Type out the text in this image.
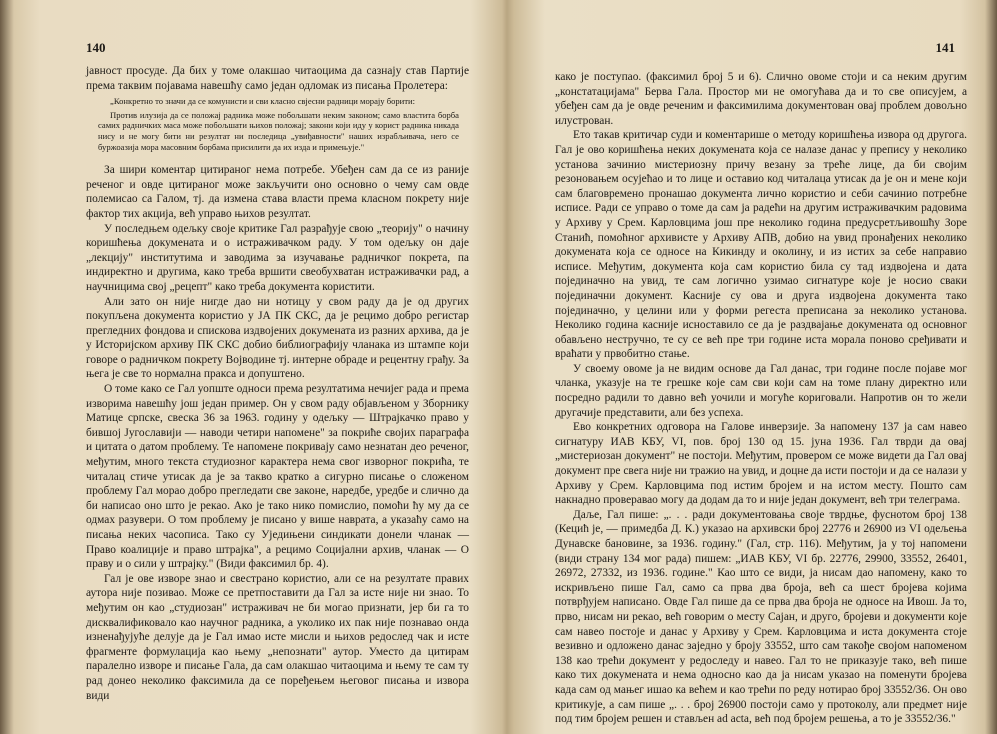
140

јавност просуде. Да бих у томе олакшао читаоцима да сазнају став Партије према таквим појавама навешћу само један одломак из писања Пролетера:

„Конкретно то значи да се комунисти и сви класно свјесни радници морају борити:

Против илузија да се положај радника може побољшати неким законом; само властита борба самих радничких маса може побољшати њихов положај; закони који иду у корист радника никада нису и не могу бити ни резултат ни последица „увиђавности" наших израбљивача, него се буржоазија мора масовним борбама присилити да их изда и примењује."

За шири коментар цитираног нема потребе. Убеђен сам да се из раније реченог и овде цитираног може закључити оно основно о чему сам овде полемисао са Галом, тј. да измена става власти према класном покрету није фактор тих акција, већ управо њихов резултат.

У последњем одељку своје критике Гал разрађује свою „теорију" о начину коришћења докумената и о истраживачком раду. У том одељку он даје „лекцију" институтима и заводима за изучавање радничког покрета, па индиректно и другима, како треба вршити свеобухватан истраживачки рад, а научницима свој „рецепт" како треба документа користити.

Али зато он није нигде дао ни нотицу у свом раду да је од других покупљена документа користио у ЈА ПК СКС, да је рецимо добро регистар прегледних фондова и спискова издвојених докумената из разних архива, да је у Историјском архиву ПК СКС добио библиографију чланака из штампе који говоре о радничком покрету Војводине тј. интерне обраде и рецентну грађу. За њега је све то нормална пракса и допуштено.

О томе како се Гал уопште односи према резултатима нечијег рада и према изворима навешћу још један пример. Он у свом раду објављеном у Зборнику Матице српске, свеска 36 за 1963. годину у одељку — Штрајкачко право у бившој Југославији — наводи четири напомене" за покриће својих параграфа и цитата о датом проблему. Те напомене покривају само незнатан део реченог, међутим, много текста студиозног карактера нема свог изворног покрића, те читалац стиче утисак да је за такво кратко а сигурно писање о сложеном проблему Гал морао добро прегледати све законе, наредбе, уредбе и слично да би написао оно што је рекао. Ако је тако нико помислио, помоћи ћу му да се одмах разувери. О том проблему је писано у више наврата, а указаћу само на писања неких часописа. Тако су Уједињени синдикати донели чланак — Право коалиције и право штрајка", а рецимо Социјални архив, чланак — О праву и о сили у штрајку." (Види факсимил бр. 4).

Гал је ове изворе знао и свестрано користио, али се на резултате правих аутора није позивао. Може се претпоставити да Гал за исте није ни знао. То међутим он као „студиозан" истраживач не би могао признати, јер би га то дисквалификовало као научног радника, а уколико их пак није познавао онда изненађујуће делује да је Гал имао исте мисли и њихов редослед чак и исте фрагменте формулација као њему „непознати" аутор. Уместо да цитирам паралелно изворе и писање Гала, да сам олакшао читаоцима и њему те сам ту рад донео неколико факсимила да се поређењем његовог писања и извора види

141

како је поступао. (факсимил број 5 и 6). Слично овоме стоји и са неким другим „констатацијама" Берва Гала. Простор ми не омогућава да и то све описујем, а убеђен сам да је овде реченим и факсимилима документован овај проблем довољно илустрован.

Ето такав критичар суди и коментарише о методу коришћења извора од другога. Гал је ово коришћења неких докумената која се налазе данас у препису у неколико установа зачинио мистериозну причу везану за треће лице, да би својим резоновањем осујећао и то лице и оставио код читалаца утисак да је он и мене који сам благовремено пронашао документа лично користио и себи сачинио потребне исписе. Ради се управо о томе да сам ја радећи на другим истраживачким радовима у Архиву у Срем. Карловцима још пре неколико година предусретљивошћу Зоре Станић, помоћног архивисте у Архиву АПВ, добио на увид пронађених неколико докумената која се односе на Кикинду и околину, и из истих за себе направио исписе. Међутим, документа која сам користио била су тад издвојена и дата појединачно на увид, те сам логично узимао сигнатуре које је носио сваки појединачни документ. Касније су ова и друга издвојена документа тако појединачно, у целини или у форми регеста преписана за неколико установа. Неколико година касније исноставило се да је раздвајање докумената од основног обављено нестручно, те су се већ пре три године иста морала поново сређивати и враћати у првобитно стање.

У своему овоме ја не видим основе да Гал данас, три године после појаве мог чланка, указује на те грешке које сам сви који сам на томе плану директно или посредно радили то давно већ уочили и могуће кориговали. Напротив он то жели другачије представити, али без успеха.

Ево конкретних одговора на Галове инверзије. За напомену 137 ја сам навео сигнатуру ИАВ КБУ, VI, пов. број 130 од 15. јуна 1936. Гал тврди да овај „мистериозан документ" не постоји. Међутим, провером се може видети да Гал овај документ пре свега није ни тражио на увид, и доцне да исти постоји и да се налази у Архиву у Срем. Карловцима под истим бројем и на истом месту. Пошто сам накнадно проверавао могу да додам да то и није један документ, већ три телеграма.

Даље, Гал пише: „. . . ради документовања своје тврдње, фуснотом број 138 (Кецић је, — примедба Д. К.) указао на архивски број 22776 и 26900 из VI одељења Дунавске бановине, за 1936. годину." (Гал, стр. 116). Међутим, ја у тој напомени (види страну 134 мог рада) пишем: „ИАВ КБУ, VI бр. 22776, 29900, 33552, 26401, 26972, 27332, из 1936. године." Као што се види, ја нисам дао напомену, како то искривљено пише Гал, само са прва два броја, већ са шест бројева којима потврђујем написано. Овде Гал пише да се прва два броја не односе на Ивош. Ја то, прво, нисам ни рекао, већ говорим о месту Сајан, и друго, бројеви и документи које сам навео постоје и данас у Архиву у Срем. Карловцима и иста документа стоје везивно и одложено данас заједно у броју 33552, што сам такође својом напоменом 138 као трећи документ у редоследу и навео. Гал то не приказује тако, већ пише како тих докумената и нема односно као да ја нисам указао на поменути бројева када сам од мањег ишао ка већем и као трећи по реду нотирао број 33552/36. Он ово критикује, а сам пише „. . . број 26900 постоји само у протоколу, али предмет није под тим бројем решен и стављен ad acta, већ под бројем решења, а то је 33552/36."
